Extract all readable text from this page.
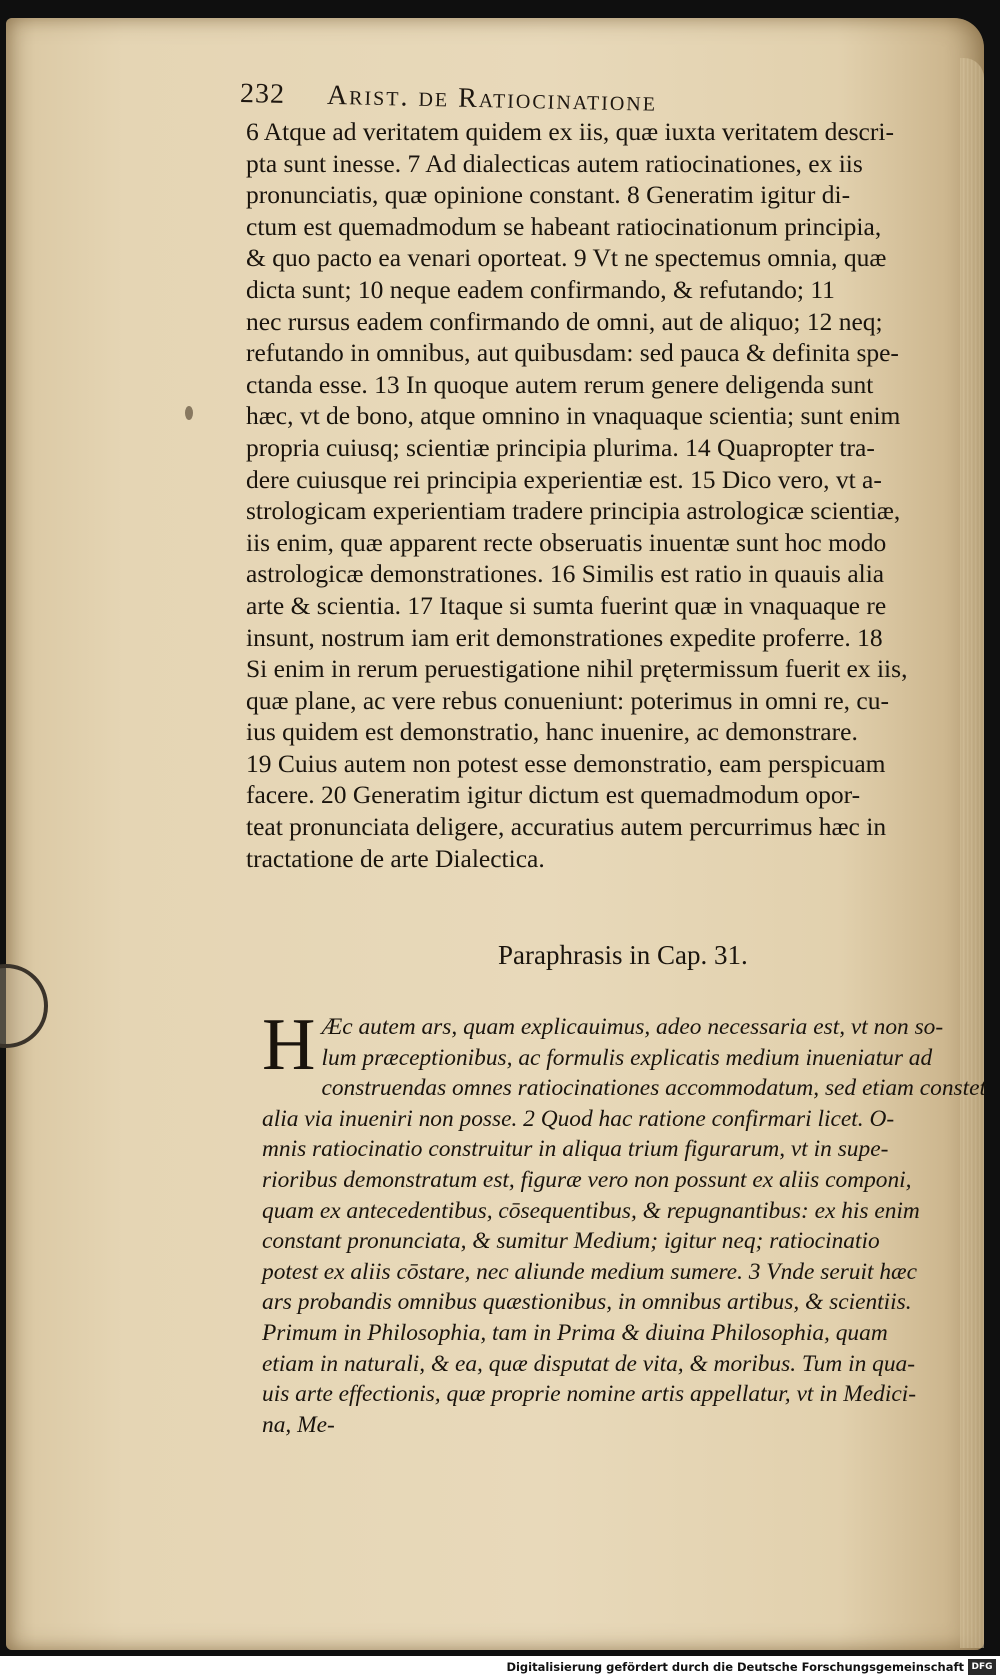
232 Arist. de Ratiocinatione
6 Atque ad veritatem quidem ex iis, quæ iuxta veritatem descri-
pta sunt inesse. 7 Ad dialecticas autem ratiocinationes, ex iis
pronunciatis, quæ opinione constant. 8 Generatim igitur di-
ctum est quemadmodum se habeant ratiocinationum principia,
& quo pacto ea venari oporteat. 9 Vt ne spectemus omnia, quæ
dicta sunt; 10 neque eadem confirmando, & refutando; 11
nec rursus eadem confirmando de omni, aut de aliquo; 12 neq;
refutando in omnibus, aut quibusdam: sed pauca & definita spe-
ctanda esse. 13 In quoque autem rerum genere deligenda sunt
hæc, vt de bono, atque omnino in vnaquaque scientia; sunt enim
propria cuiusq; scientiæ principia plurima. 14 Quapropter tra-
dere cuiusque rei principia experientiæ est. 15 Dico vero, vt a-
strologicam experientiam tradere principia astrologicæ scientiæ,
iis enim, quæ apparent recte obseruatis inuentæ sunt hoc modo
astrologicæ demonstrationes. 16 Similis est ratio in quauis alia
arte & scientia. 17 Itaque si sumta fuerint quæ in vnaquaque re
insunt, nostrum iam erit demonstrationes expedite proferre. 18
Si enim in rerum peruestigatione nihil prętermissum fuerit ex iis,
quæ plane, ac vere rebus conueniunt: poterimus in omni re, cu-
ius quidem est demonstratio, hanc inuenire, ac demonstrare.
19 Cuius autem non potest esse demonstratio, eam perspicuam
facere. 20 Generatim igitur dictum est quemadmodum opor-
teat pronunciata deligere, accuratius autem percurrimus hæc in
tractatione de arte Dialectica.
Paraphrasis in Cap. 31.
H Æc autem ars, quam explicauimus, adeo necessaria est, vt non so-
lum præceptionibus, ac formulis explicatis medium inueniatur ad
construendas omnes ratiocinationes accommodatum, sed etiam constet
alia via inueniri non posse. 2 Quod hac ratione confirmari licet. O-
mnis ratiocinatio construitur in aliqua trium figurarum, vt in supe-
rioribus demonstratum est, figuræ vero non possunt ex aliis componi,
quam ex antecedentibus, cōsequentibus, & repugnantibus: ex his enim
constant pronunciata, & sumitur Medium; igitur neq; ratiocinatio
potest ex aliis cōstare, nec aliunde medium sumere. 3 Vnde seruit hæc
ars probandis omnibus quæstionibus, in omnibus artibus, & scientiis.
Primum in Philosophia, tam in Prima & diuina Philosophia, quam
etiam in naturali, & ea, quæ disputat de vita, & moribus. Tum in qua-
uis arte effectionis, quæ proprie nomine artis appellatur, vt in Medici-
na, Me-
Digitalisierung gefördert durch die Deutsche Forschungsgemeinschaft DFG
